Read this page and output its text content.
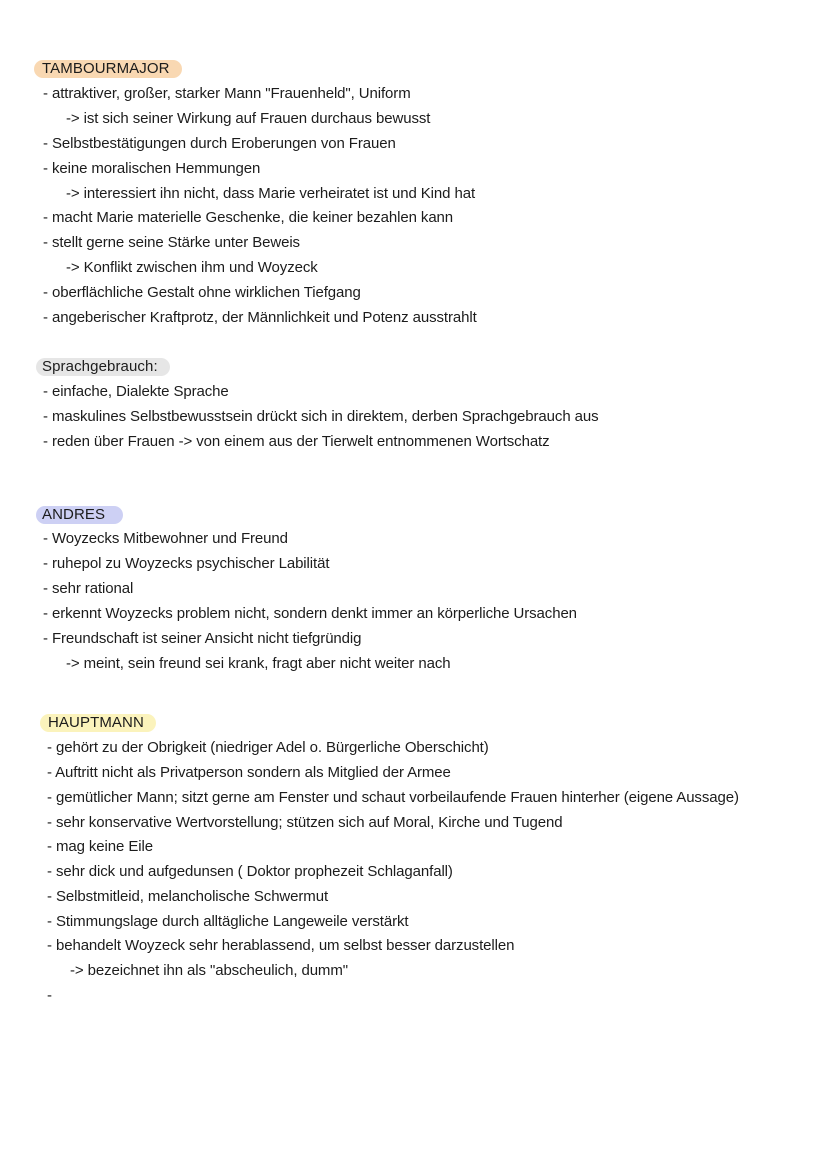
TAMBOURMAJOR
- attraktiver, großer, starker Mann "Frauenheld", Uniform
-> ist sich seiner Wirkung auf Frauen durchaus bewusst
- Selbstbestätigungen durch Eroberungen von Frauen
- keine moralischen Hemmungen
-> interessiert ihn nicht, dass Marie verheiratet ist und Kind hat
- macht Marie materielle Geschenke, die keiner bezahlen kann
- stellt gerne seine Stärke unter Beweis
-> Konflikt zwischen ihm und Woyzeck
- oberflächliche Gestalt ohne wirklichen Tiefgang
- angeberischer Kraftprotz, der Männlichkeit und Potenz ausstrahlt
Sprachgebrauch:
- einfache, Dialekte Sprache
- maskulines Selbstbewusstsein drückt sich in direktem, derben Sprachgebrauch aus
- reden über Frauen -> von einem aus der Tierwelt entnommenen Wortschatz
ANDRES
- Woyzecks Mitbewohner und Freund
- ruhepol zu Woyzecks psychischer Labilität
- sehr rational
- erkennt Woyzecks problem nicht, sondern denkt immer an körperliche Ursachen
- Freundschaft ist seiner Ansicht nicht tiefgründig
-> meint, sein freund sei krank, fragt aber nicht weiter nach
HAUPTMANN
- gehört zu der Obrigkeit (niedriger Adel o. Bürgerliche Oberschicht)
- Auftritt nicht als Privatperson sondern als Mitglied der Armee
- gemütlicher Mann; sitzt gerne am Fenster und schaut vorbeilaufende Frauen hinterher (eigene Aussage)
- sehr konservative Wertvorstellung; stützen sich auf Moral, Kirche und Tugend
- mag keine Eile
- sehr dick und aufgedunsen ( Doktor prophezeit Schlaganfall)
- Selbstmitleid, melancholische Schwermut
- Stimmungslage durch alltägliche Langeweile verstärkt
- behandelt Woyzeck sehr herablassend, um selbst besser darzustellen
-> bezeichnet ihn als "abscheulich, dumm"
-
